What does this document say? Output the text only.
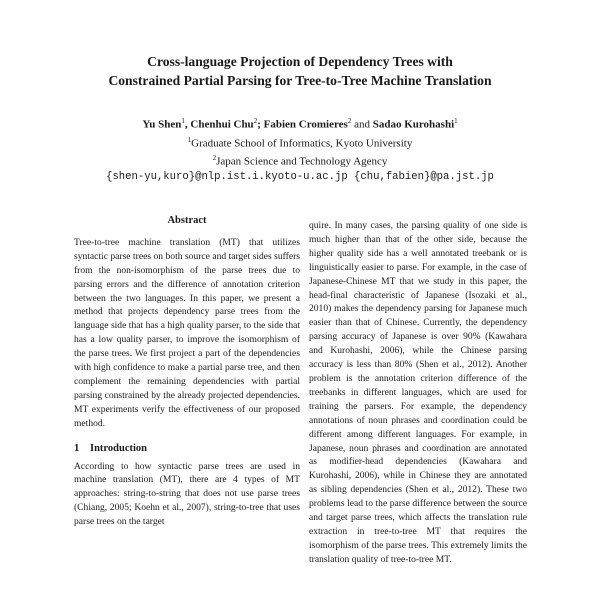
Cross-language Projection of Dependency Trees with
Constrained Partial Parsing for Tree-to-Tree Machine Translation
Yu Shen$^1$, Chenhui Chu$^2$; Fabien Cromieres$^2$ and Sadao Kurohashi$^1$
$^1$Graduate School of Informatics, Kyoto University
$^2$Japan Science and Technology Agency
{shen-yu,kuro}@nlp.ist.i.kyoto-u.ac.jp {chu,fabien}@pa.jst.jp
Abstract

Tree-to-tree machine translation (MT) that utilizes syntactic parse trees on both source and target sides suffers from the non-isomorphism of the parse trees due to parsing errors and the difference of annotation criterion between the two languages. In this paper, we present a method that projects dependency parse trees from the language side that has a high quality parser, to the side that has a low quality parser, to improve the isomorphism of the parse trees. We first project a part of the dependencies with high confidence to make a partial parse tree, and then complement the remaining dependencies with partial parsing constrained by the already projected dependencies. MT experiments verify the effectiveness of our proposed method.

1 Introduction

According to how syntactic parse trees are used in machine translation (MT), there are 4 types of MT approaches: string-to-string that does not use parse trees (Chiang, 2005; Koehn et al., 2007), string-to-tree that uses parse trees on the target

quire. In many cases, the parsing quality of one side is much higher than that of the other side, because the higher quality side has a well annotated treebank or is linguistically easier to parse. For example, in the case of Japanese-Chinese MT that we study in this paper, the head-final characteristic of Japanese (Isozaki et al., 2010) makes the dependency parsing for Japanese much easier than that of Chinese. Currently, the dependency parsing accuracy of Japanese is over 90% (Kawahara and Kurohashi, 2006), while the Chinese parsing accuracy is less than 80% (Shen et al., 2012). Another problem is the annotation criterion difference of the treebanks in different languages, which are used for training the parsers. For example, the dependency annotations of noun phrases and coordination could be different among different languages. For example, in Japanese, noun phrases and coordination are annotated as modifier-head dependencies (Kawahara and Kurohashi, 2006), while in Chinese they are annotated as sibling dependencies (Shen et al., 2012). These two problems lead to the parse difference between the source and target parse trees, which affects the translation rule extraction in tree-to-tree MT that requires the isomorphism of the parse trees. This extremely limits the translation quality of tree-to-tree MT.
